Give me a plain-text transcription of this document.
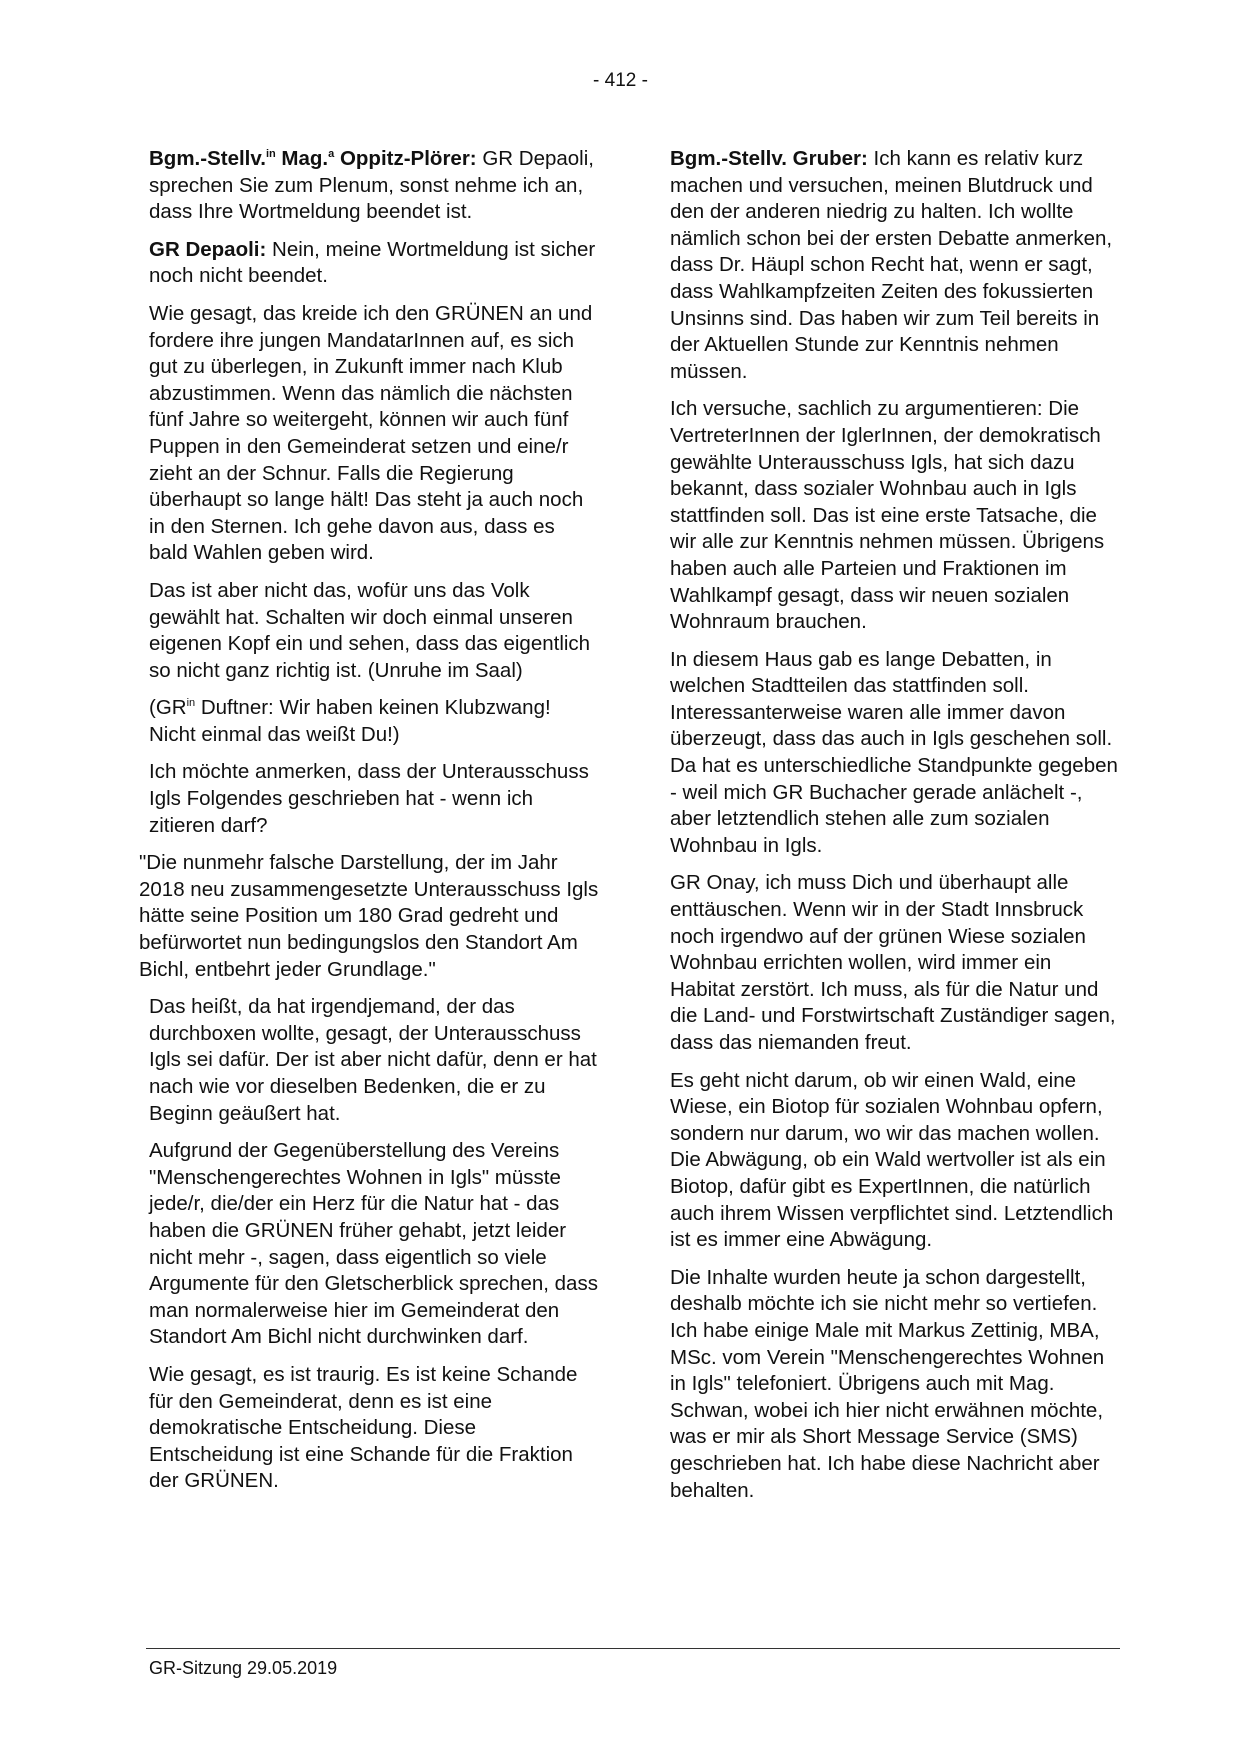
- 412 -

Bgm.-Stellv.$^{in}$ Mag.$^a$ Oppitz-Plörer: GR Depaoli, sprechen Sie zum Plenum, sonst nehme ich an, dass Ihre Wortmeldung beendet ist.

GR Depaoli: Nein, meine Wortmeldung ist sicher noch nicht beendet.

Wie gesagt, das kreide ich den GRÜNEN an und fordere ihre jungen MandatarInnen auf, es sich gut zu überlegen, in Zukunft immer nach Klub abzustimmen. Wenn das nämlich die nächsten fünf Jahre so weitergeht, können wir auch fünf Puppen in den Gemeinderat setzen und eine/r zieht an der Schnur. Falls die Regierung überhaupt so lange hält! Das steht ja auch noch in den Sternen. Ich gehe davon aus, dass es bald Wahlen geben wird.

Das ist aber nicht das, wofür uns das Volk gewählt hat. Schalten wir doch einmal unseren eigenen Kopf ein und sehen, dass das eigentlich so nicht ganz richtig ist. (Unruhe im Saal)

($GR^{in}$ Duftner: Wir haben keinen Klubzwang! Nicht einmal das weißt Du!)

Ich möchte anmerken, dass der Unterausschuss Igls Folgendes geschrieben hat - wenn ich zitieren darf?

"Die nunmehr falsche Darstellung, der im Jahr 2018 neu zusammengesetzte Unterausschuss Igls hätte seine Position um 180 Grad gedreht und befürwortet nun bedingungslos den Standort Am Bichl, entbehrt jeder Grundlage."

Das heißt, da hat irgendjemand, der das durchboxen wollte, gesagt, der Unterausschuss Igls sei dafür. Der ist aber nicht dafür, denn er hat nach wie vor dieselben Bedenken, die er zu Beginn geäußert hat.

Aufgrund der Gegenüberstellung des Vereins "Menschengerechtes Wohnen in Igls" müsste jede/r, die/der ein Herz für die Natur hat - das haben die GRÜNEN früher gehabt, jetzt leider nicht mehr -, sagen, dass eigentlich so viele Argumente für den Gletscherblick sprechen, dass man normalerweise hier im Gemeinderat den Standort Am Bichl nicht durchwinken darf.

Wie gesagt, es ist traurig. Es ist keine Schande für den Gemeinderat, denn es ist eine demokratische Entscheidung. Diese Entscheidung ist eine Schande für die Fraktion der GRÜNEN.

Bgm.-Stellv. Gruber: Ich kann es relativ kurz machen und versuchen, meinen Blutdruck und den der anderen niedrig zu halten. Ich wollte nämlich schon bei der ersten Debatte anmerken, dass Dr. Häupl schon Recht hat, wenn er sagt, dass Wahlkampfzeiten Zeiten des fokussierten Unsinns sind. Das haben wir zum Teil bereits in der Aktuellen Stunde zur Kenntnis nehmen müssen.

Ich versuche, sachlich zu argumentieren: Die VertreterInnen der IglerInnen, der demokratisch gewählte Unterausschuss Igls, hat sich dazu bekannt, dass sozialer Wohnbau auch in Igls stattfinden soll. Das ist eine erste Tatsache, die wir alle zur Kenntnis nehmen müssen. Übrigens haben auch alle Parteien und Fraktionen im Wahlkampf gesagt, dass wir neuen sozialen Wohnraum brauchen.

In diesem Haus gab es lange Debatten, in welchen Stadtteilen das stattfinden soll. Interessanterweise waren alle immer davon überzeugt, dass das auch in Igls geschehen soll. Da hat es unterschiedliche Standpunkte gegeben - weil mich GR Buchacher gerade anlächelt -, aber letztendlich stehen alle zum sozialen Wohnbau in Igls.

GR Onay, ich muss Dich und überhaupt alle enttäuschen. Wenn wir in der Stadt Innsbruck noch irgendwo auf der grünen Wiese sozialen Wohnbau errichten wollen, wird immer ein Habitat zerstört. Ich muss, als für die Natur und die Land- und Forstwirtschaft Zuständiger sagen, dass das niemanden freut.

Es geht nicht darum, ob wir einen Wald, eine Wiese, ein Biotop für sozialen Wohnbau opfern, sondern nur darum, wo wir das machen wollen. Die Abwägung, ob ein Wald wertvoller ist als ein Biotop, dafür gibt es ExpertInnen, die natürlich auch ihrem Wissen verpflichtet sind. Letztendlich ist es immer eine Abwägung.

Die Inhalte wurden heute ja schon dargestellt, deshalb möchte ich sie nicht mehr so vertiefen. Ich habe einige Male mit Markus Zettinig, MBA, MSc. vom Verein "Menschengerechtes Wohnen in Igls" telefoniert. Übrigens auch mit Mag. Schwan, wobei ich hier nicht erwähnen möchte, was er mir als Short Message Service (SMS) geschrieben hat. Ich habe diese Nachricht aber behalten.

GR-Sitzung 29.05.2019
